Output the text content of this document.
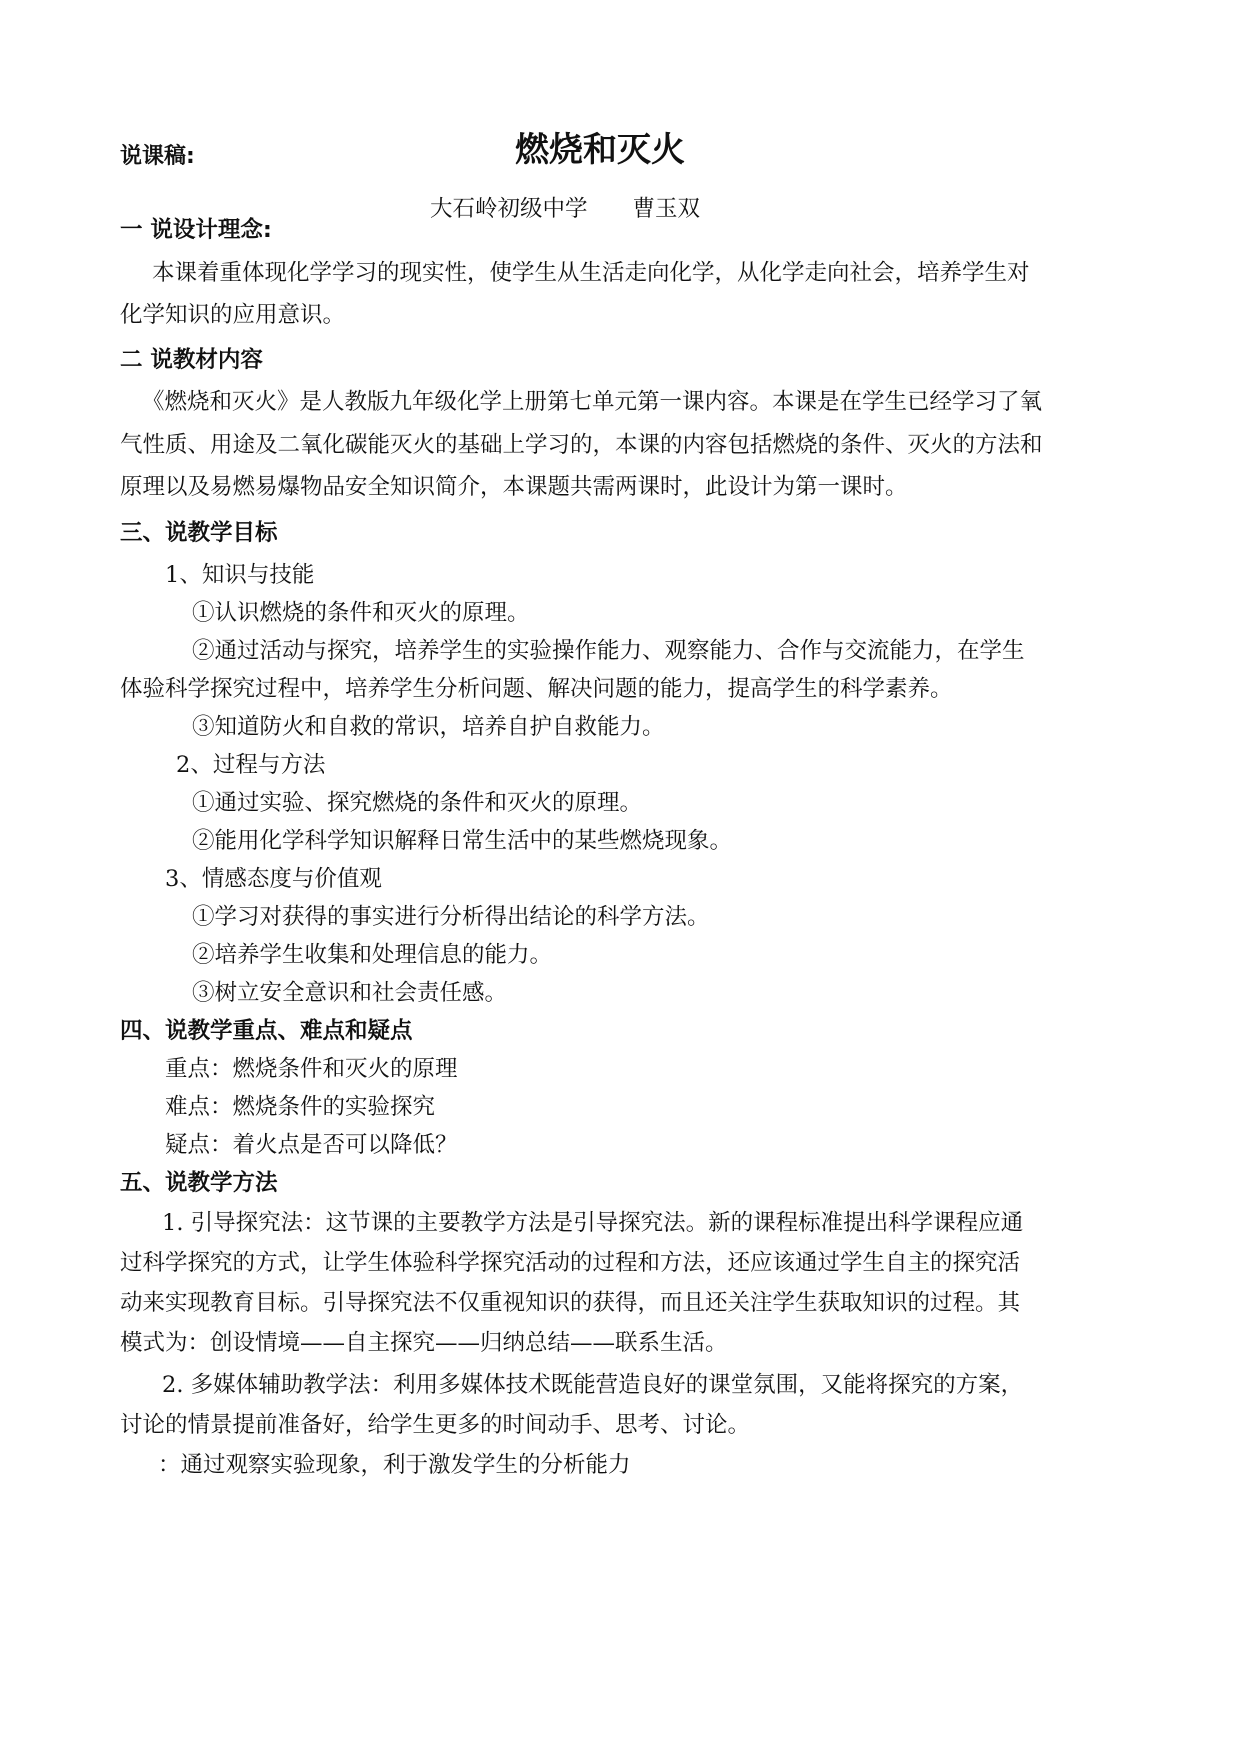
说课稿:	燃烧和灭火
大石岭初级中学　　曹玉双
一 说设计理念:
本课着重体现化学学习的现实性，使学生从生活走向化学，从化学走向社会，培养学生对
化学知识的应用意识。
二 说教材内容
《燃烧和灭火》是人教版九年级化学上册第七单元第一课内容。本课是在学生已经学习了氧
气性质、用途及二氧化碳能灭火的基础上学习的，本课的内容包括燃烧的条件、灭火的方法和
原理以及易燃易爆物品安全知识简介，本课题共需两课时，此设计为第一课时。
三、说教学目标
1、知识与技能
①认识燃烧的条件和灭火的原理。
②通过活动与探究，培养学生的实验操作能力、观察能力、合作与交流能力，在学生
体验科学探究过程中，培养学生分析问题、解决问题的能力，提高学生的科学素养。
③知道防火和自救的常识，培养自护自救能力。
2、过程与方法
①通过实验、探究燃烧的条件和灭火的原理。
②能用化学科学知识解释日常生活中的某些燃烧现象。
3、情感态度与价值观
①学习对获得的事实进行分析得出结论的科学方法。
②培养学生收集和处理信息的能力。
③树立安全意识和社会责任感。
四、说教学重点、难点和疑点
重点：燃烧条件和灭火的原理
难点：燃烧条件的实验探究
疑点：着火点是否可以降低？
五、说教学方法
1. 引导探究法：这节课的主要教学方法是引导探究法。新的课程标准提出科学课程应通
过科学探究的方式，让学生体验科学探究活动的过程和方法，还应该通过学生自主的探究活
动来实现教育目标。引导探究法不仅重视知识的获得，而且还关注学生获取知识的过程。其
模式为：创设情境——自主探究——归纳总结——联系生活。
2. 多媒体辅助教学法：利用多媒体技术既能营造良好的课堂氛围，又能将探究的方案，
讨论的情景提前准备好，给学生更多的时间动手、思考、讨论。
：通过观察实验现象，利于激发学生的分析能力
